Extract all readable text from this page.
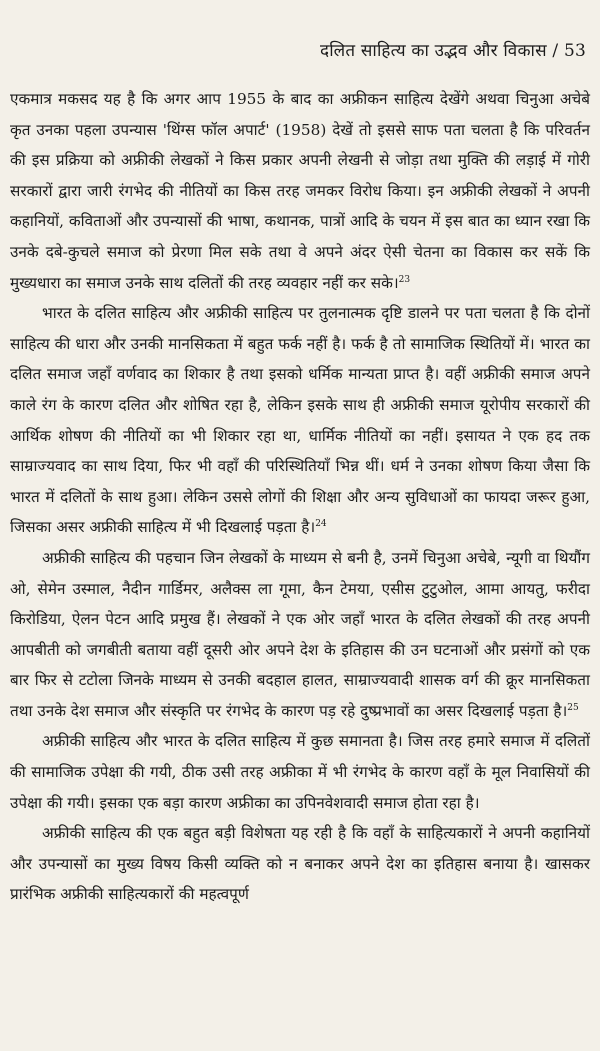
दलित साहित्य का उद्भव और विकास / 53

एकमात्र मकसद यह है कि अगर आप 1955 के बाद का अफ्रीकन साहित्य देखेंगे अथवा चिनुआ अचेबे कृत उनका पहला उपन्यास 'थिंग्स फॉल अपार्ट' (1958) देखें तो इससे साफ पता चलता है कि परिवर्तन की इस प्रक्रिया को अफ्रीकी लेखकों ने किस प्रकार अपनी लेखनी से जोड़ा तथा मुक्ति की लड़ाई में गोरी सरकारों द्वारा जारी रंगभेद की नीतियों का किस तरह जमकर विरोध किया। इन अफ्रीकी लेखकों ने अपनी कहानियों, कविताओं और उपन्यासों की भाषा, कथानक, पात्रों आदि के चयन में इस बात का ध्यान रखा कि उनके दबे-कुचले समाज को प्रेरणा मिल सके तथा वे अपने अंदर ऐसी चेतना का विकास कर सकें कि मुख्यधारा का समाज उनके साथ दलितों की तरह व्यवहार नहीं कर सके।$^{23}$

भारत के दलित साहित्य और अफ्रीकी साहित्य पर तुलनात्मक दृष्टि डालने पर पता चलता है कि दोनों साहित्य की धारा और उनकी मानसिकता में बहुत फर्क नहीं है। फर्क है तो सामाजिक स्थितियों में। भारत का दलित समाज जहाँ वर्णवाद का शिकार है तथा इसको धर्मिक मान्यता प्राप्त है। वहीं अफ्रीकी समाज अपने काले रंग के कारण दलित और शोषित रहा है, लेकिन इसके साथ ही अफ्रीकी समाज यूरोपीय सरकारों की आर्थिक शोषण की नीतियों का भी शिकार रहा था, धार्मिक नीतियों का नहीं। इसायत ने एक हद तक साम्राज्यवाद का साथ दिया, फिर भी वहाँ की परिस्थितियाँ भिन्न थीं। धर्म ने उनका शोषण किया जैसा कि भारत में दलितों के साथ हुआ। लेकिन उससे लोगों की शिक्षा और अन्य सुविधाओं का फायदा जरूर हुआ, जिसका असर अफ्रीकी साहित्य में भी दिखलाई पड़ता है।$^{24}$

अफ्रीकी साहित्य की पहचान जिन लेखकों के माध्यम से बनी है, उनमें चिनुआ अचेबे, न्यूगी वा थियौंग ओ, सेमेन उस्माल, नैदीन गार्डिमर, अलैक्स ला गूमा, कैन टेमया, एसीस टुटुओल, आमा आयतु, फरीदा किरोडिया, ऐलन पेटन आदि प्रमुख हैं। लेखकों ने एक ओर जहाँ भारत के दलित लेखकों की तरह अपनी आपबीती को जगबीती बताया वहीं दूसरी ओर अपने देश के इतिहास की उन घटनाओं और प्रसंगों को एक बार फिर से टटोला जिनके माध्यम से उनकी बदहाल हालत, साम्राज्यवादी शासक वर्ग की क्रूर मानसिकता तथा उनके देश समाज और संस्कृति पर रंगभेद के कारण पड़ रहे दुष्प्रभावों का असर दिखलाई पड़ता है।$^{25}$

अफ्रीकी साहित्य और भारत के दलित साहित्य में कुछ समानता है। जिस तरह हमारे समाज में दलितों की सामाजिक उपेक्षा की गयी, ठीक उसी तरह अफ्रीका में भी रंगभेद के कारण वहाँ के मूल निवासियों की उपेक्षा की गयी। इसका एक बड़ा कारण अफ्रीका का उपिनवेशवादी समाज होता रहा है।

अफ्रीकी साहित्य की एक बहुत बड़ी विशेषता यह रही है कि वहाँ के साहित्यकारों ने अपनी कहानियों और उपन्यासों का मुख्य विषय किसी व्यक्ति को न बनाकर अपने देश का इतिहास बनाया है। खासकर प्रारंभिक अफ्रीकी साहित्यकारों की महत्वपूर्ण
